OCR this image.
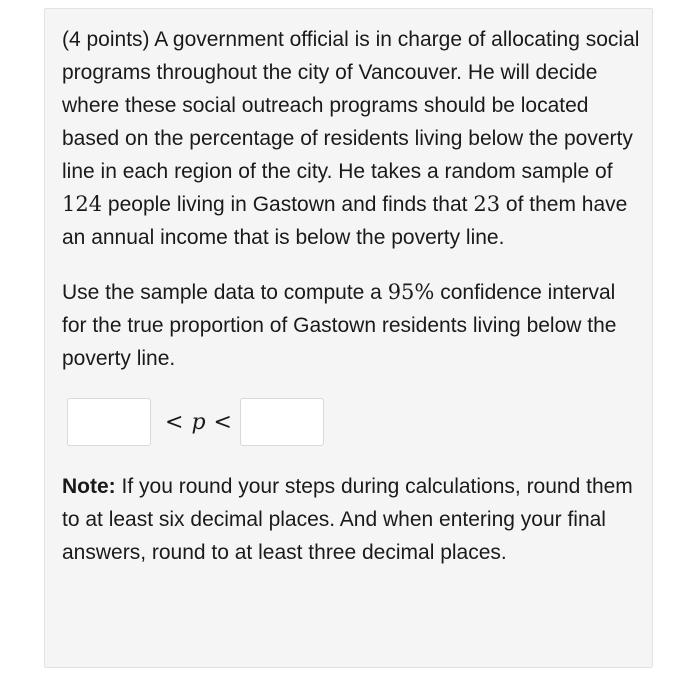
(4 points) A government official is in charge of allocating social programs throughout the city of Vancouver. He will decide where these social outreach programs should be located based on the percentage of residents living below the poverty line in each region of the city. He takes a random sample of 124 people living in Gastown and finds that 23 of them have an annual income that is below the poverty line.

Use the sample data to compute a 95% confidence interval for the true proportion of Gastown residents living below the poverty line.

< p <

Note: If you round your steps during calculations, round them to at least six decimal places. And when entering your final answers, round to at least three decimal places.
